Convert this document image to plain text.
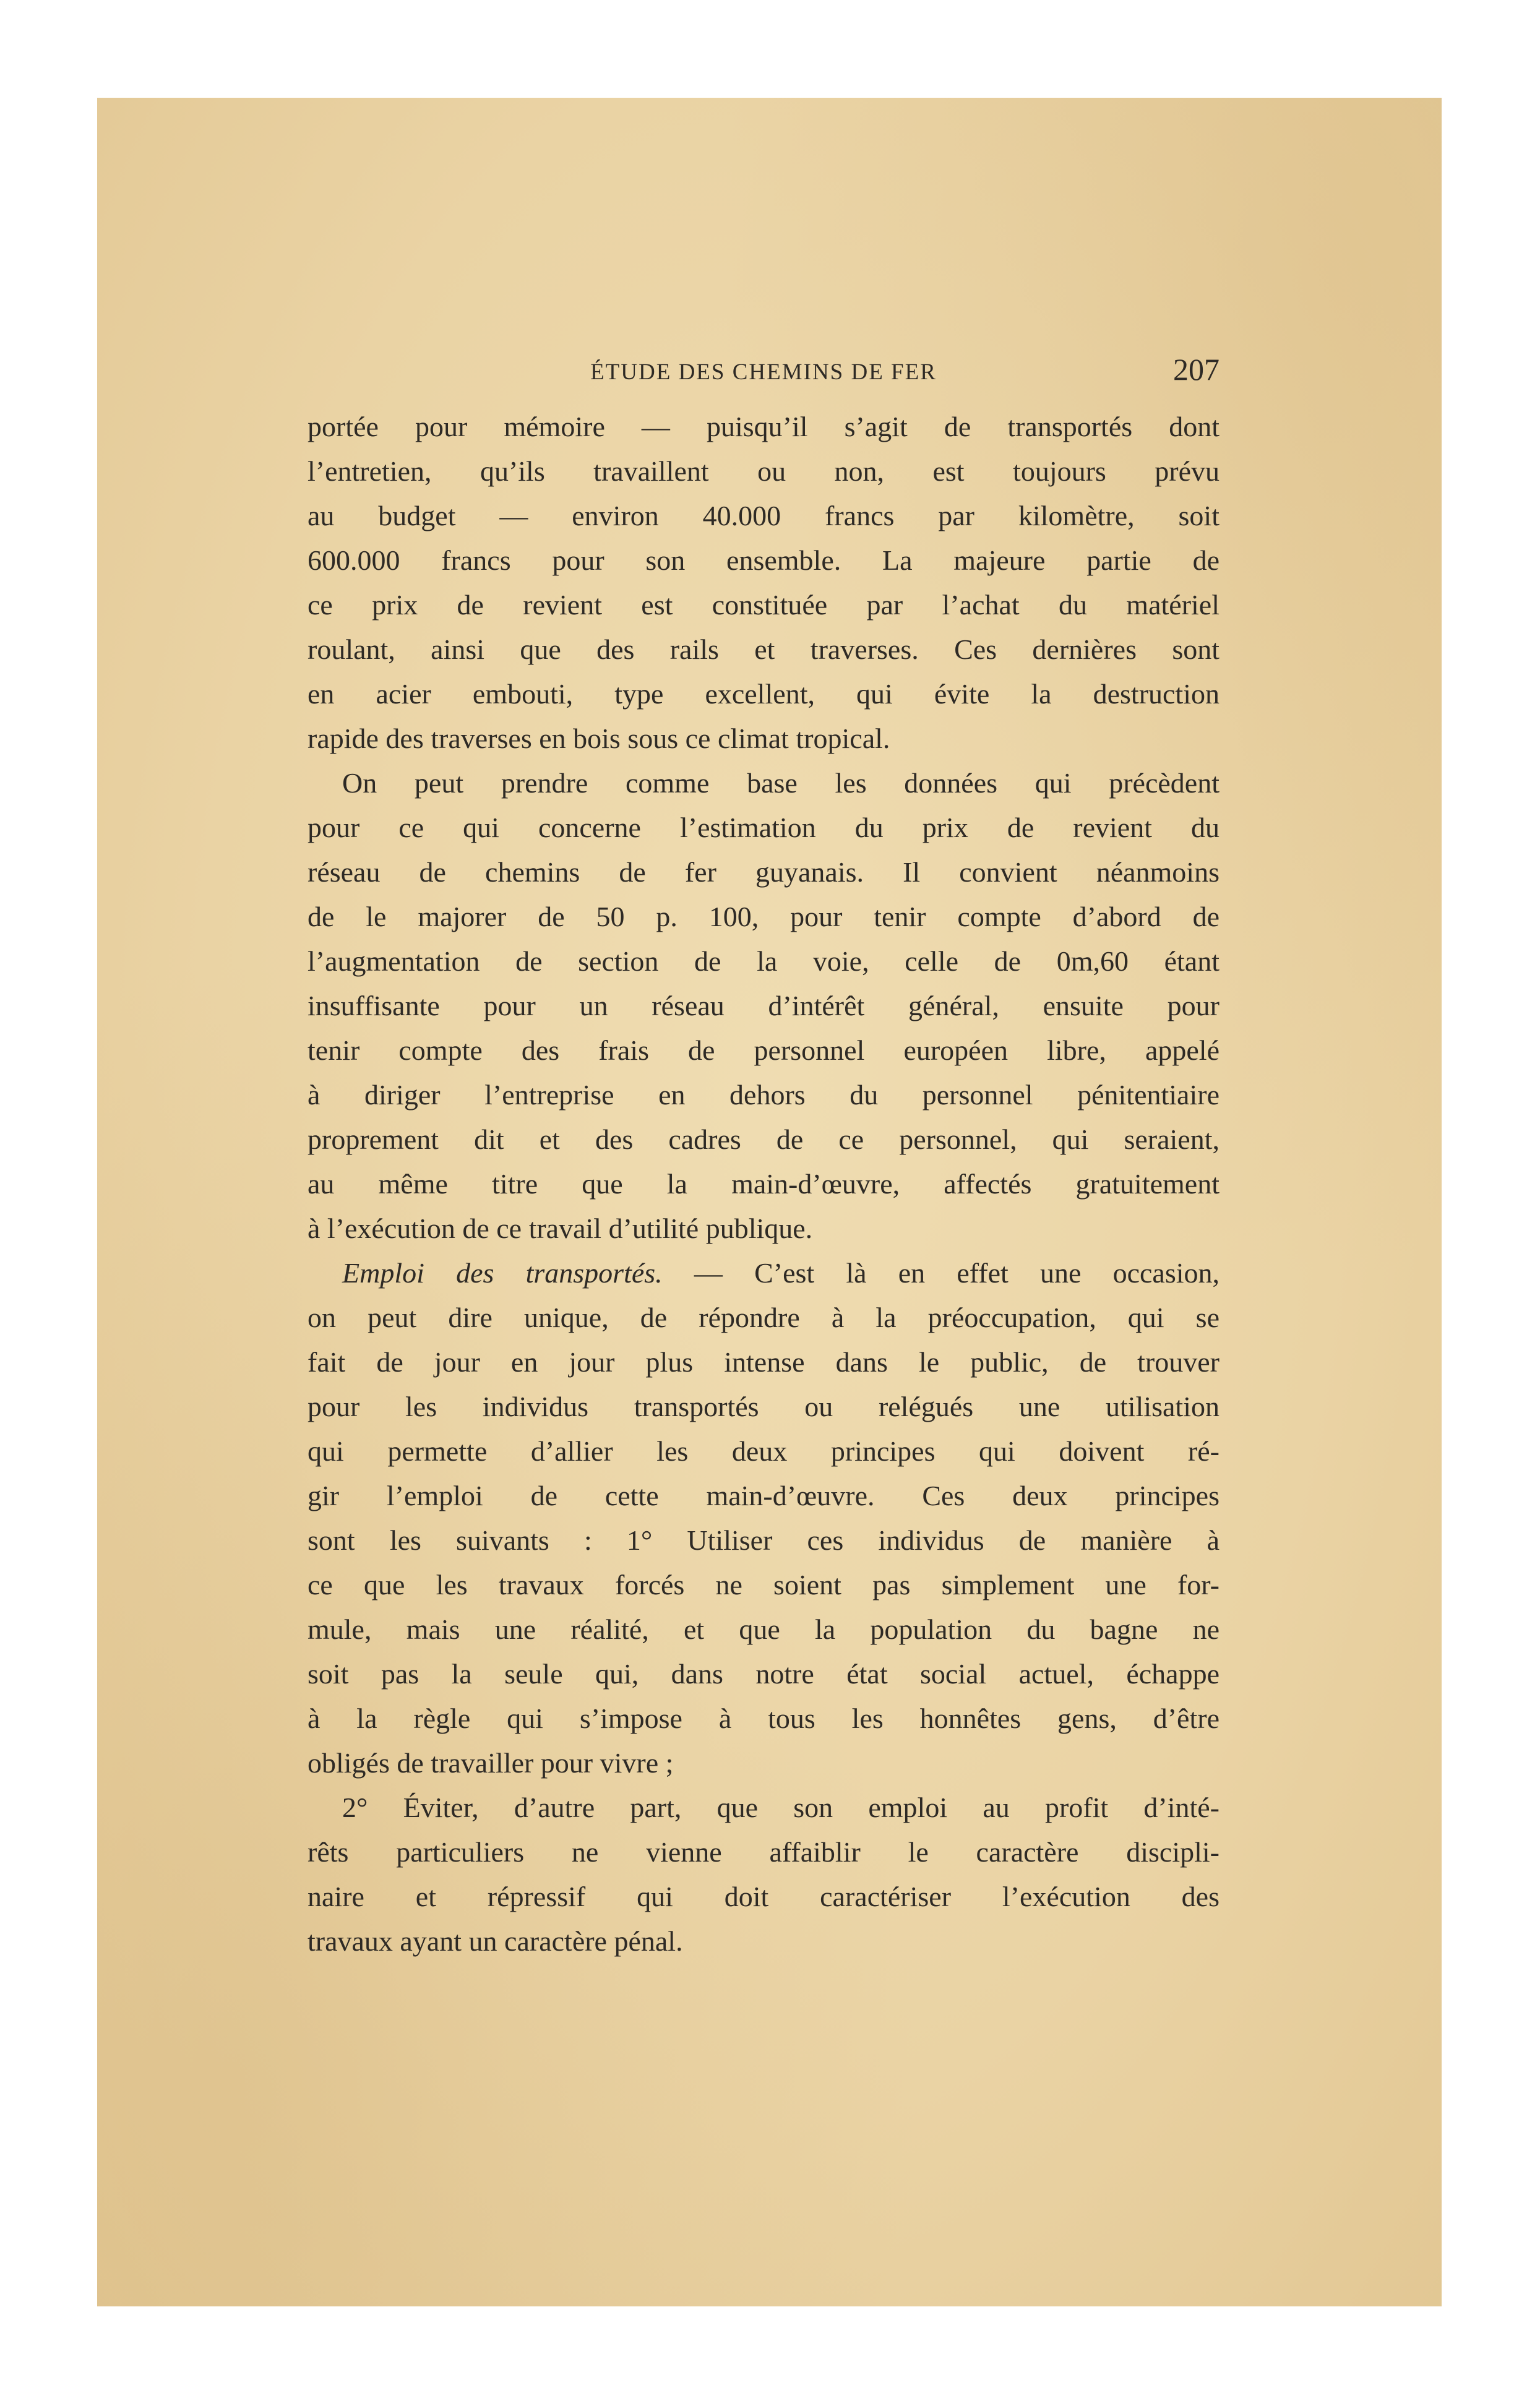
ÉTUDE DES CHEMINS DE FER	207
portée pour mémoire — puisqu’il s’agit de transportés dont
l’entretien, qu’ils travaillent ou non, est toujours prévu
au budget — environ 40.000 francs par kilomètre, soit
600.000 francs pour son ensemble. La majeure partie de
ce prix de revient est constituée par l’achat du matériel
roulant, ainsi que des rails et traverses. Ces dernières sont
en acier embouti, type excellent, qui évite la destruction
rapide des traverses en bois sous ce climat tropical.
On peut prendre comme base les données qui précèdent
pour ce qui concerne l’estimation du prix de revient du
réseau de chemins de fer guyanais. Il convient néanmoins
de le majorer de 50 p. 100, pour tenir compte d’abord de
l’augmentation de section de la voie, celle de 0m,60 étant
insuffisante pour un réseau d’intérêt général, ensuite pour
tenir compte des frais de personnel européen libre, appelé
à diriger l’entreprise en dehors du personnel pénitentiaire
proprement dit et des cadres de ce personnel, qui seraient,
au même titre que la main-d’œuvre, affectés gratuitement
à l’exécution de ce travail d’utilité publique.
Emploi des transportés. — C’est là en effet une occasion,
on peut dire unique, de répondre à la préoccupation, qui se
fait de jour en jour plus intense dans le public, de trouver
pour les individus transportés ou relégués une utilisation
qui permette d’allier les deux principes qui doivent ré-
gir l’emploi de cette main-d’œuvre. Ces deux principes
sont les suivants : 1° Utiliser ces individus de manière à
ce que les travaux forcés ne soient pas simplement une for-
mule, mais une réalité, et que la population du bagne ne
soit pas la seule qui, dans notre état social actuel, échappe
à la règle qui s’impose à tous les honnêtes gens, d’être
obligés de travailler pour vivre ;
2° Éviter, d’autre part, que son emploi au profit d’inté-
rêts particuliers ne vienne affaiblir le caractère discipli-
naire et répressif qui doit caractériser l’exécution des
travaux ayant un caractère pénal.
